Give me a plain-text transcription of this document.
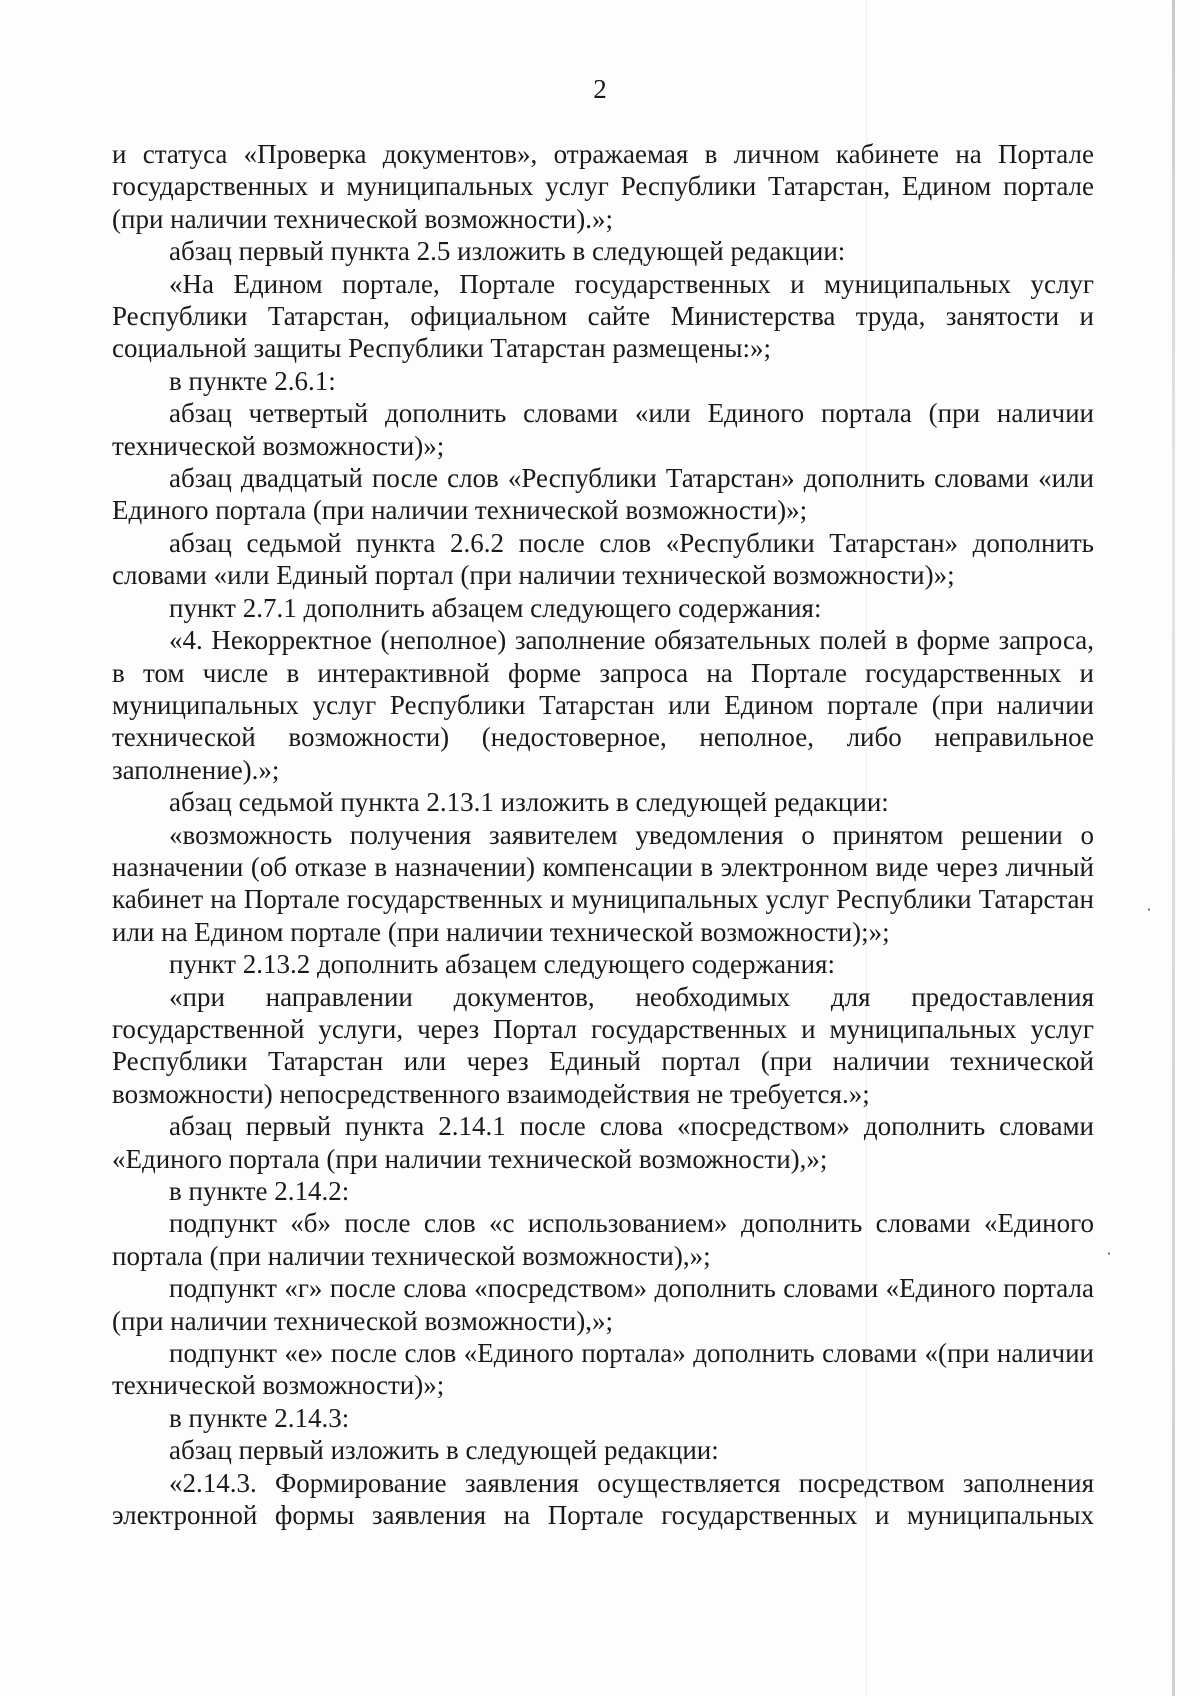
2

и статуса «Проверка документов», отражаемая в личном кабинете на Портале государственных и муниципальных услуг Республики Татарстан, Едином портале (при наличии технической возможности).»;

абзац первый пункта 2.5 изложить в следующей редакции:

«На Едином портале, Портале государственных и муниципальных услуг Республики Татарстан, официальном сайте Министерства труда, занятости и социальной защиты Республики Татарстан размещены:»;

в пункте 2.6.1:

абзац четвертый дополнить словами «или Единого портала (при наличии технической возможности)»;

абзац двадцатый после слов «Республики Татарстан» дополнить словами «или Единого портала (при наличии технической возможности)»;

абзац седьмой пункта 2.6.2 после слов «Республики Татарстан» дополнить словами «или Единый портал (при наличии технической возможности)»;

пункт 2.7.1 дополнить абзацем следующего содержания:

«4. Некорректное (неполное) заполнение обязательных полей в форме запроса, в том числе в интерактивной форме запроса на Портале государственных и муниципальных услуг Республики Татарстан или Едином портале (при наличии технической возможности) (недостоверное, неполное, либо неправильное заполнение).»;

абзац седьмой пункта 2.13.1 изложить в следующей редакции:

«возможность получения заявителем уведомления о принятом решении о назначении (об отказе в назначении) компенсации в электронном виде через личный кабинет на Портале государственных и муниципальных услуг Республики Татарстан или на Едином портале (при наличии технической возможности);»;

пункт 2.13.2 дополнить абзацем следующего содержания:

«при направлении документов, необходимых для предоставления государственной услуги, через Портал государственных и муниципальных услуг Республики Татарстан или через Единый портал (при наличии технической возможности) непосредственного взаимодействия не требуется.»;

абзац первый пункта 2.14.1 после слова «посредством» дополнить словами «Единого портала (при наличии технической возможности),»;

в пункте 2.14.2:

подпункт «б» после слов «с использованием» дополнить словами «Единого портала (при наличии технической возможности),»;

подпункт «г» после слова «посредством» дополнить словами «Единого портала (при наличии технической возможности),»;

подпункт «е» после слов «Единого портала» дополнить словами «(при наличии технической возможности)»;

в пункте 2.14.3:

абзац первый изложить в следующей редакции:

«2.14.3. Формирование заявления осуществляется посредством заполнения электронной формы заявления на Портале государственных и муниципальных
